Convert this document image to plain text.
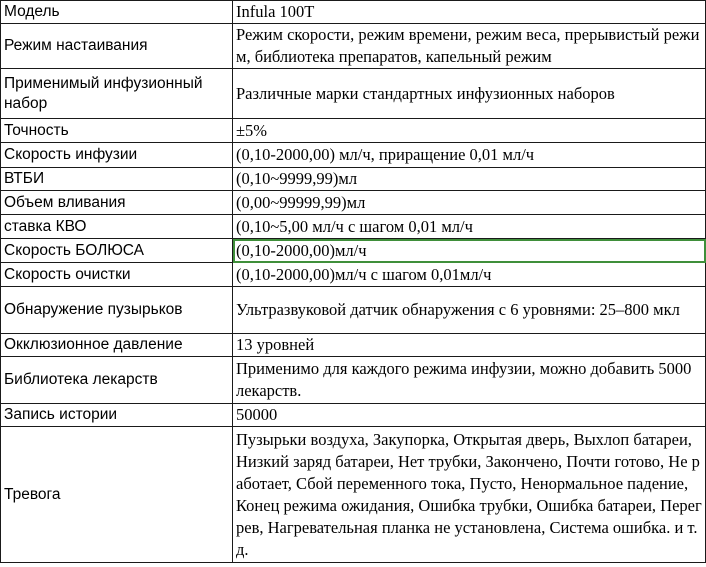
Модель	Infula 100T
Режим настаивания	Режим скорости, режим времени, режим веса, прерывистый режим, библиотека препаратов, капельный режим
Применимый инфузионный набор	Различные марки стандартных инфузионных наборов
Точность	±5%
Скорость инфузии	(0,10-2000,00) мл/ч, приращение 0,01 мл/ч
ВТБИ	(0,10~9999,99)мл
Объем вливания	(0,00~99999,99)мл
ставка КВО	(0,10~5,00 мл/ч с шагом 0,01 мл/ч
Скорость БОЛЮСА	(0,10-2000,00)мл/ч
Скорость очистки	(0,10-2000,00)мл/ч с шагом 0,01мл/ч
Обнаружение пузырьков	Ультразвуковой датчик обнаружения с 6 уровнями: 25–800 мкл
Окклюзионное давление	13 уровней
Библиотека лекарств	Применимо для каждого режима инфузии, можно добавить 5000 лекарств.
Запись истории	50000
Тревога	Пузырьки воздуха, Закупорка, Открытая дверь, Выхлоп батареи, Низкий заряд батареи, Нет трубки, Закончено, Почти готово, Не работает, Сбой переменного тока, Пусто, Ненормальное падение, Конец режима ожидания, Ошибка трубки, Ошибка батареи, Перегрев, Нагревательная планка не установлена, Система ошибка. и т. д.
